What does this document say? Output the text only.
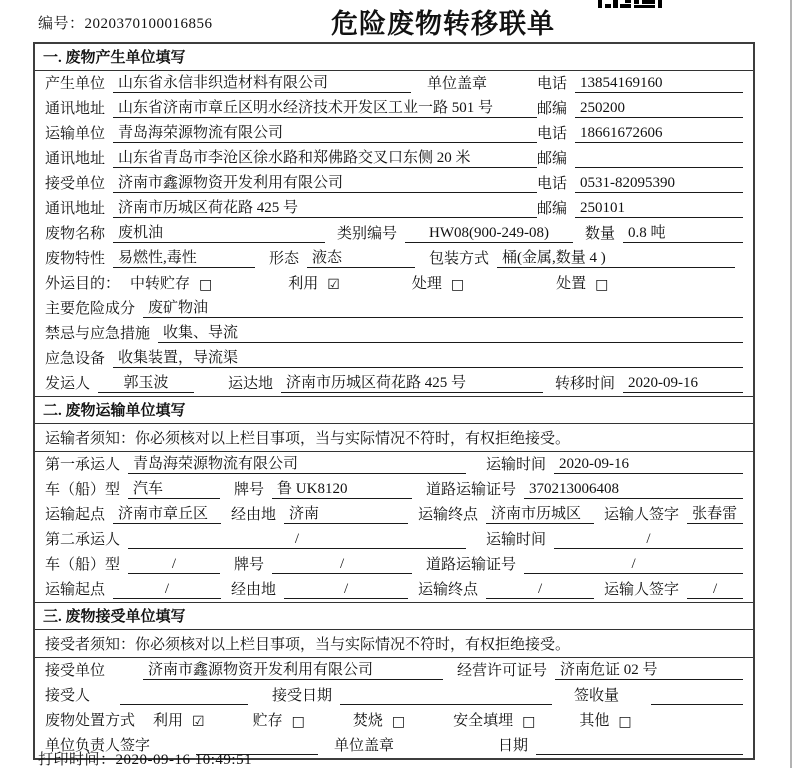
编号：2020370100016856	危险废物转移联单
一. 废物产生单位填写
产生单位 山东省永信非织造材料有限公司	单位盖章	电话 13854169160
通讯地址 山东省济南市章丘区明水经济技术开发区工业一路 501 号	邮编 250200
运输单位 青岛海荣源物流有限公司	电话 18661672606
通讯地址 山东省青岛市李沧区徐水路和郑佛路交叉口东侧 20 米	邮编
接受单位 济南市鑫源物资开发利用有限公司	电话 0531-82095390
通讯地址 济南市历城区荷花路 425 号	邮编 250101
废物名称 废机油	类别编号	HW08(900-249-08)	数量 0.8 吨
废物特性 易燃性,毒性	形态 液态	包装方式 桶(金属,数量 4 )
外运目的： 中转贮存 □	利用 ☑	处理 □	处置 □
主要危险成分 废矿物油
禁忌与应急措施 收集、导流
应急设备 收集装置，导流渠
发运人	郭玉波	运达地 济南市历城区荷花路 425 号	转移时间 2020-09-16
二. 废物运输单位填写
运输者须知：你必须核对以上栏目事项，当与实际情况不符时，有权拒绝接受。
第一承运人 青岛海荣源物流有限公司	运输时间 2020-09-16
车（船）型 汽车	牌号 鲁 UK8120	道路运输证号 370213006408
运输起点 济南市章丘区	经由地 济南	运输终点 济南市历城区	运输人签字 张春雷
第二承运人	/	运输时间	/
车（船）型	/	牌号	/	道路运输证号	/
运输起点	/	经由地	/	运输终点	/	运输人签字	/
三. 废物接受单位填写
接受者须知：你必须核对以上栏目事项，当与实际情况不符时，有权拒绝接受。
接受单位	济南市鑫源物资开发利用有限公司	经营许可证号 济南危证 02 号
接受人	接受日期	签收量
废物处置方式 利用 ☑	贮存 □	焚烧 □	安全填埋 □	其他 □
单位负责人签字	单位盖章	日期
打印时间：2020-09-16 10:49:51
